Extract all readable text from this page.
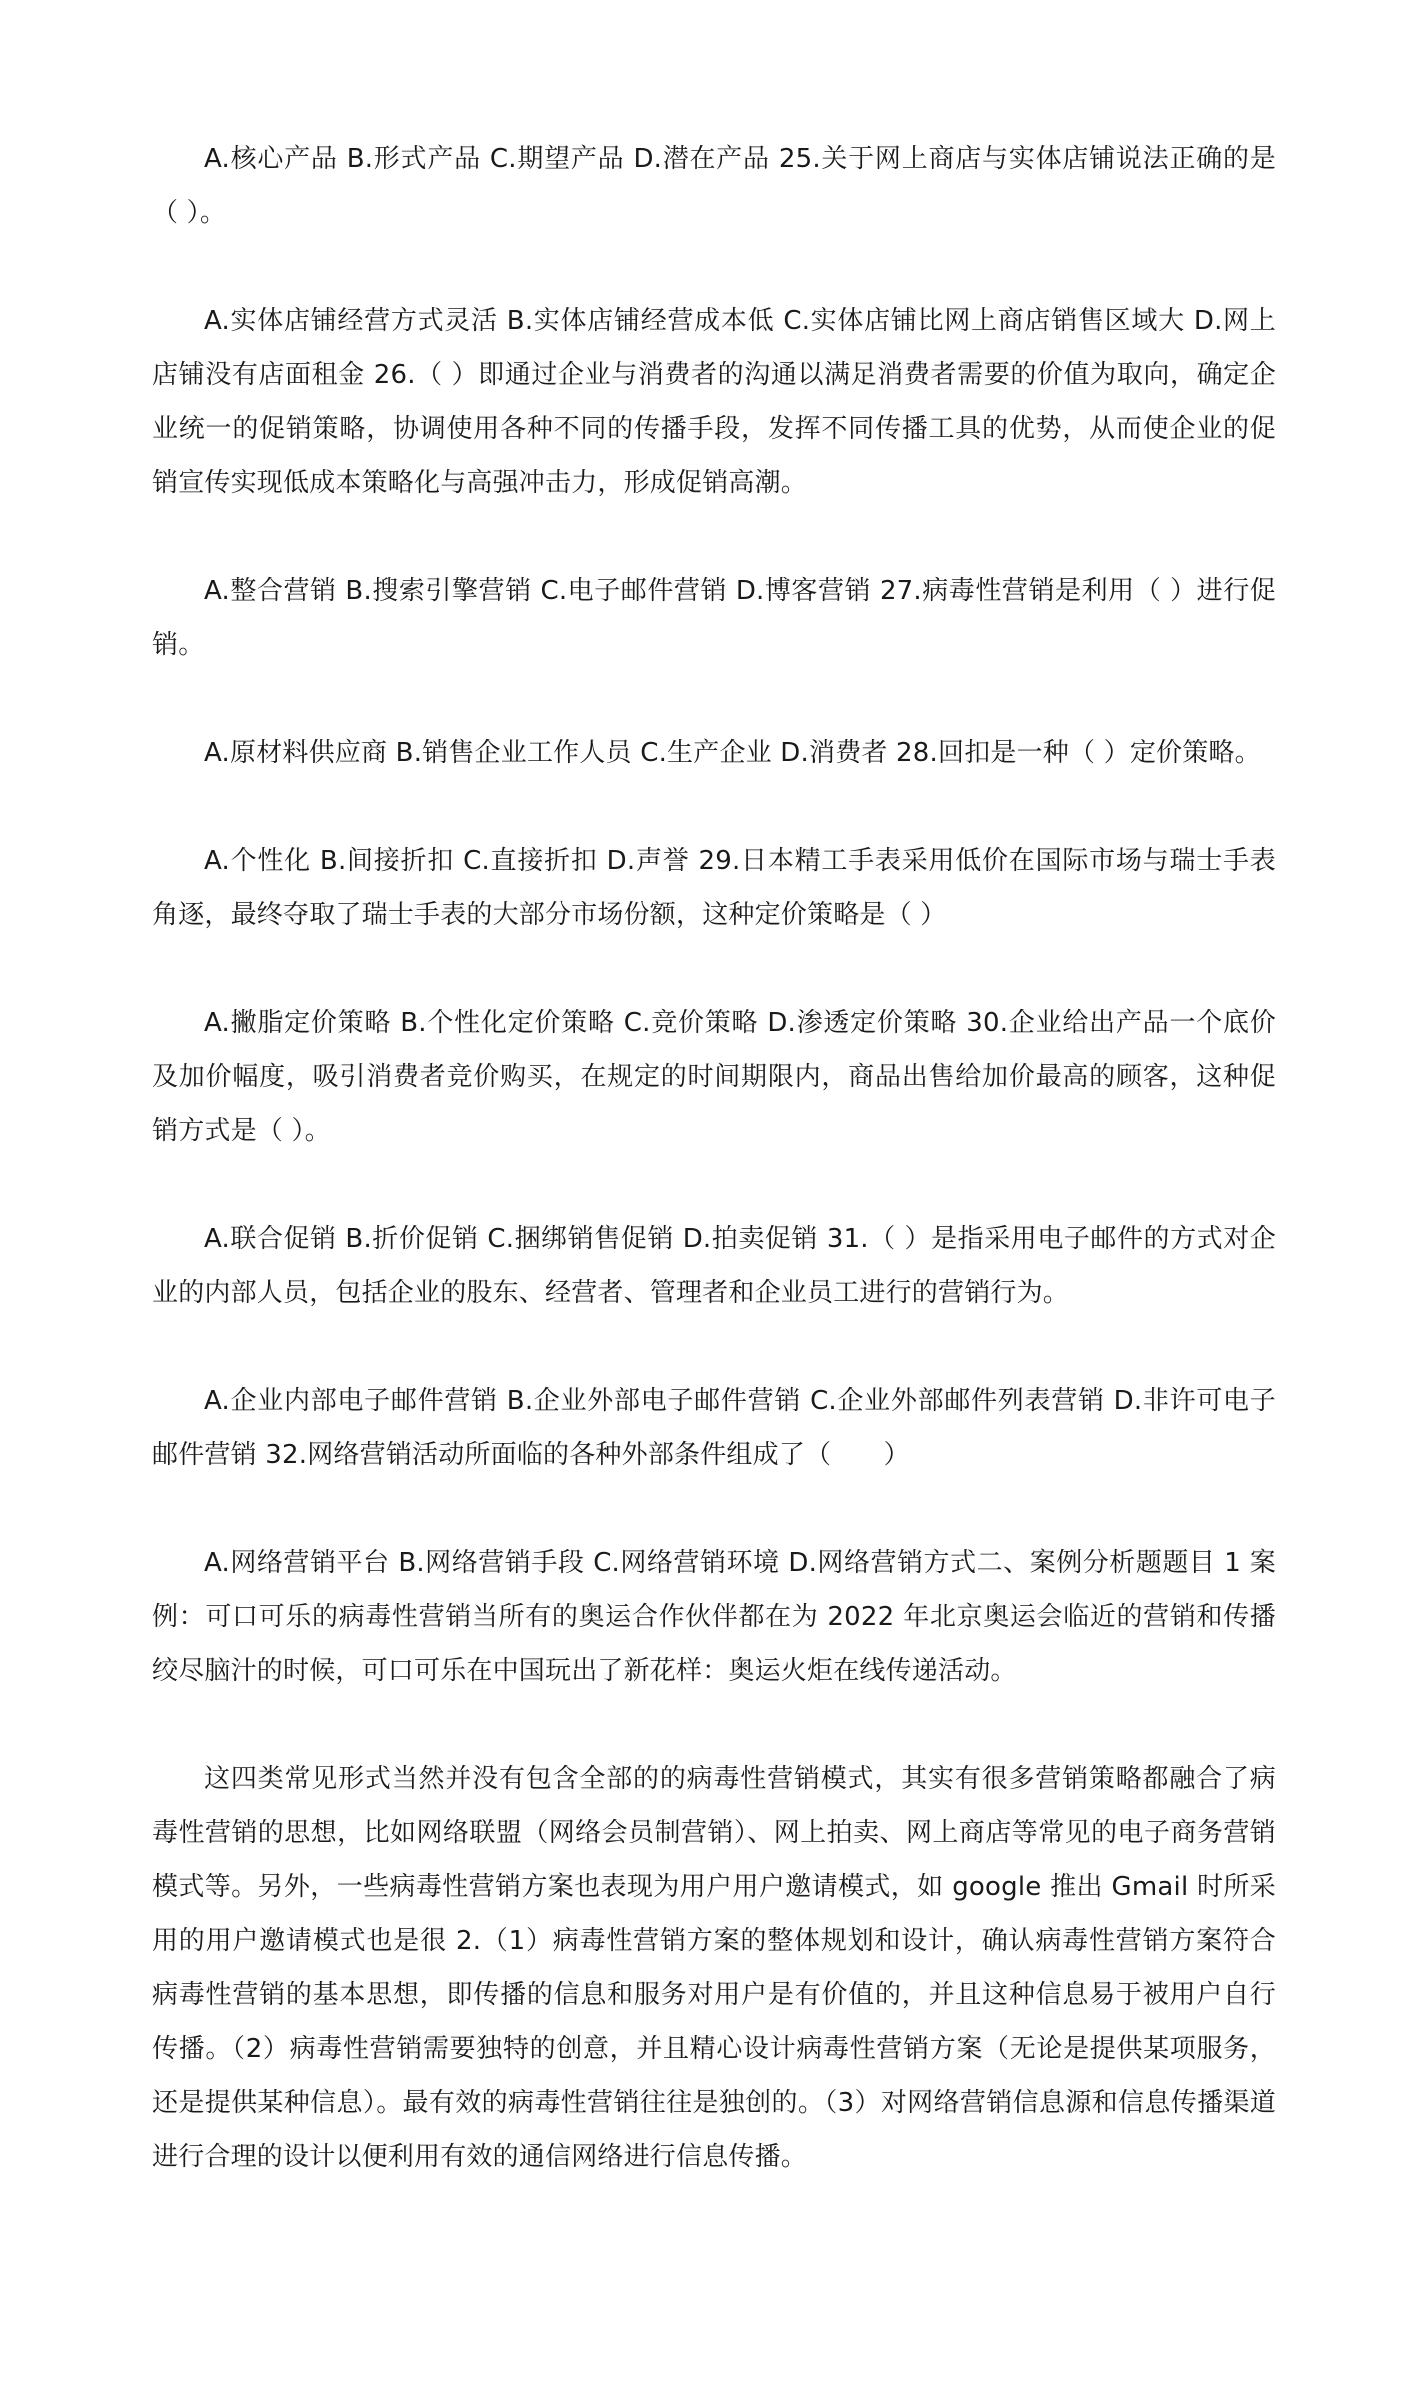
A.核心产品 B.形式产品 C.期望产品 D.潜在产品 25.关于网上商店与实体店铺说法正确的是（ ）。

A.实体店铺经营方式灵活 B.实体店铺经营成本低 C.实体店铺比网上商店销售区域大 D.网上店铺没有店面租金 26.（ ）即通过企业与消费者的沟通以满足消费者需要的价值为取向，确定企业统一的促销策略，协调使用各种不同的传播手段，发挥不同传播工具的优势，从而使企业的促销宣传实现低成本策略化与高强冲击力，形成促销高潮。

A.整合营销 B.搜索引擎营销 C.电子邮件营销 D.博客营销 27.病毒性营销是利用（ ）进行促销。

A.原材料供应商 B.销售企业工作人员 C.生产企业 D.消费者 28.回扣是一种（ ）定价策略。

A.个性化 B.间接折扣 C.直接折扣 D.声誉 29.日本精工手表采用低价在国际市场与瑞士手表角逐，最终夺取了瑞士手表的大部分市场份额，这种定价策略是（ ）

A.撇脂定价策略 B.个性化定价策略 C.竞价策略 D.渗透定价策略 30.企业给出产品一个底价及加价幅度，吸引消费者竞价购买，在规定的时间期限内，商品出售给加价最高的顾客，这种促销方式是（ ）。

A.联合促销 B.折价促销 C.捆绑销售促销 D.拍卖促销 31.（ ）是指采用电子邮件的方式对企业的内部人员，包括企业的股东、经营者、管理者和企业员工进行的营销行为。

A.企业内部电子邮件营销 B.企业外部电子邮件营销 C.企业外部邮件列表营销 D.非许可电子邮件营销 32.网络营销活动所面临的各种外部条件组成了（　　）

A.网络营销平台 B.网络营销手段 C.网络营销环境 D.网络营销方式二、案例分析题题目 1 案例：可口可乐的病毒性营销当所有的奥运合作伙伴都在为 2022 年北京奥运会临近的营销和传播绞尽脑汁的时候，可口可乐在中国玩出了新花样：奥运火炬在线传递活动。

这四类常见形式当然并没有包含全部的的病毒性营销模式，其实有很多营销策略都融合了病毒性营销的思想，比如网络联盟（网络会员制营销）、网上拍卖、网上商店等常见的电子商务营销模式等。另外，一些病毒性营销方案也表现为用户用户邀请模式，如 google 推出 Gmail 时所采用的用户邀请模式也是很 2.（1）病毒性营销方案的整体规划和设计，确认病毒性营销方案符合病毒性营销的基本思想，即传播的信息和服务对用户是有价值的，并且这种信息易于被用户自行传播。（2）病毒性营销需要独特的创意，并且精心设计病毒性营销方案（无论是提供某项服务，还是提供某种信息）。最有效的病毒性营销往往是独创的。（3）对网络营销信息源和信息传播渠道进行合理的设计以便利用有效的通信网络进行信息传播。
